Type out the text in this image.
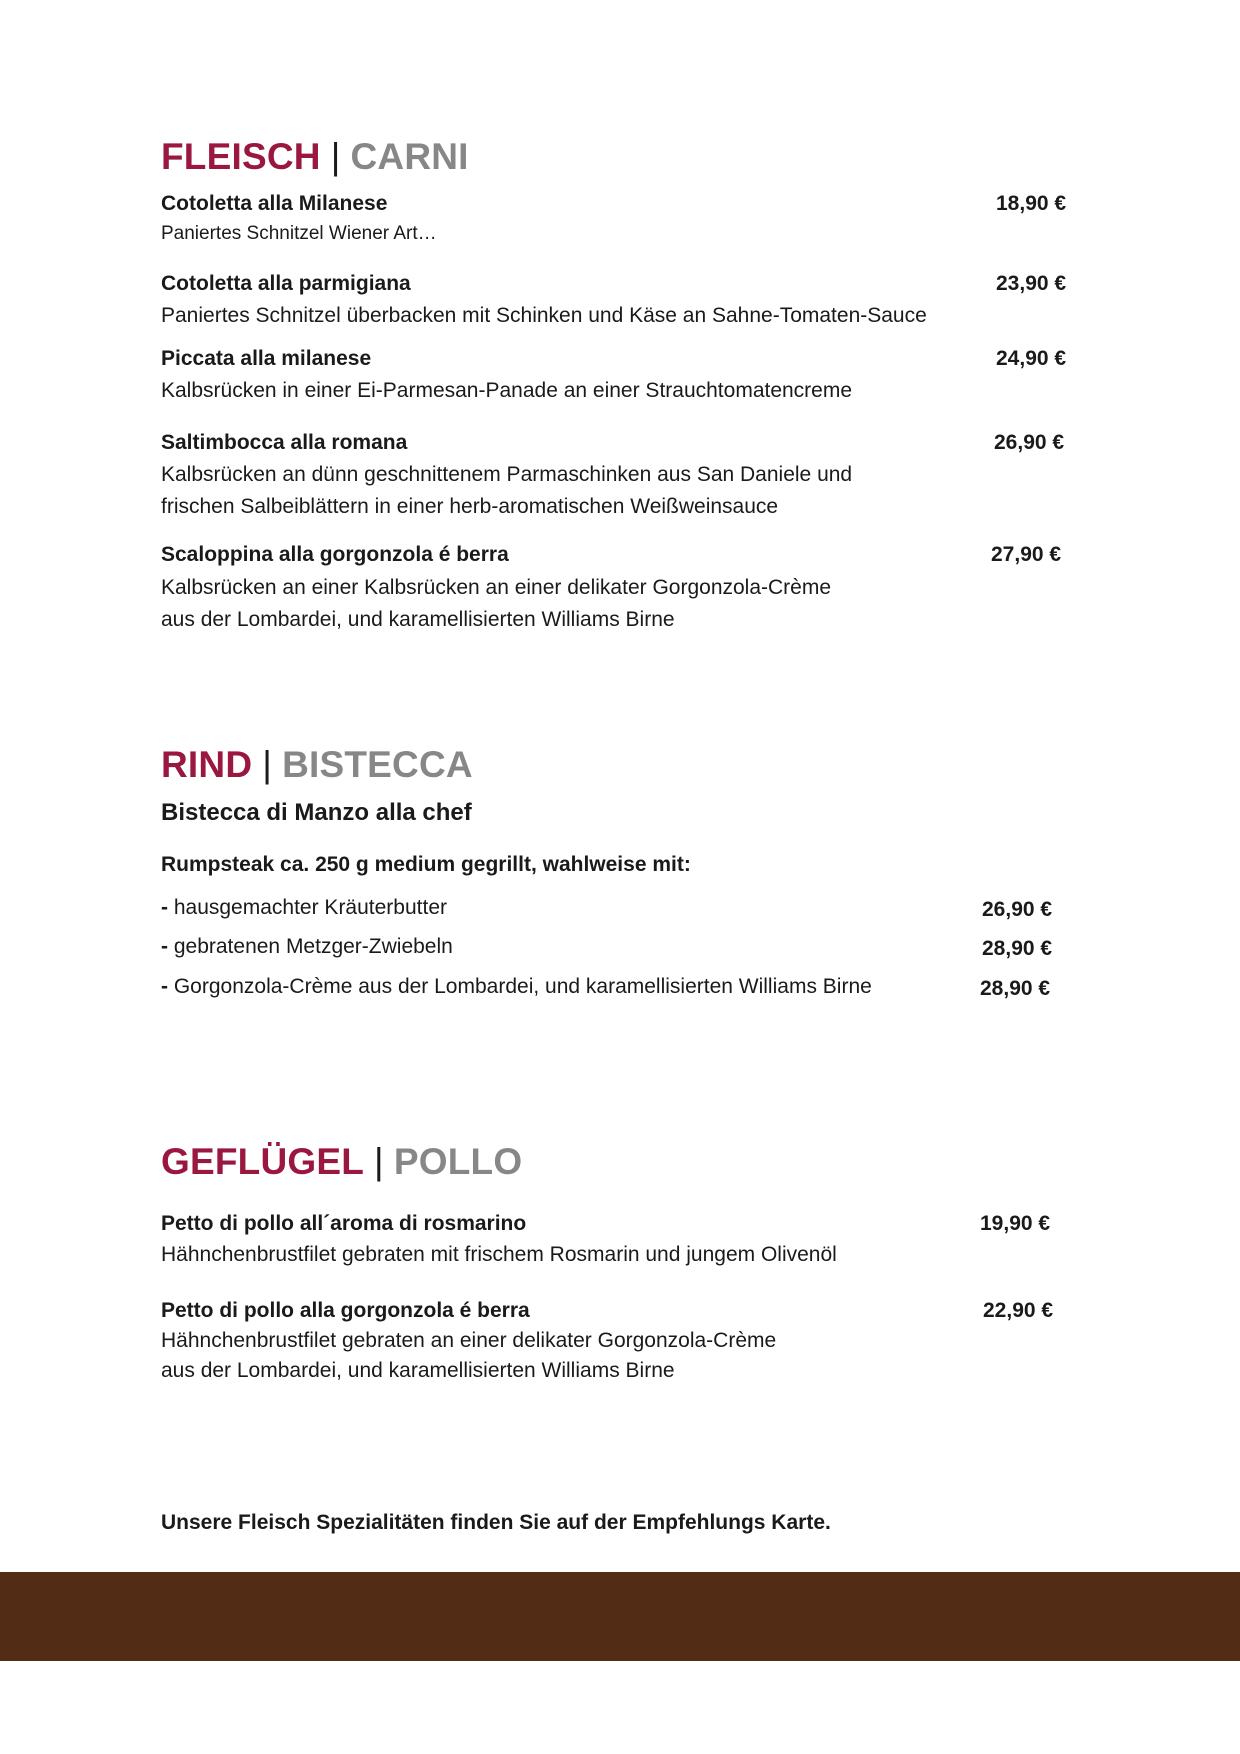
FLEISCH | CARNI
Cotoletta alla Milanese	18,90 €
Paniertes Schnitzel Wiener Art…
Cotoletta alla parmigiana	23,90 €
Paniertes Schnitzel überbacken mit Schinken und Käse an Sahne-Tomaten-Sauce
Piccata alla milanese	24,90 €
Kalbsrücken in einer Ei-Parmesan-Panade an einer Strauchtomatencreme
Saltimbocca alla romana	26,90 €
Kalbsrücken an dünn geschnittenem Parmaschinken aus San Daniele und
frischen Salbeiblättern in einer herb-aromatischen Weißweinsauce
Scaloppina alla gorgonzola é berra	27,90 €
Kalbsrücken an einer Kalbsrücken an einer delikater Gorgonzola-Crème
aus der Lombardei, und karamellisierten Williams Birne
RIND | BISTECCA
Bistecca di Manzo alla chef
Rumpsteak ca. 250 g medium gegrillt, wahlweise mit:
- hausgemachter Kräuterbutter	26,90 €
- gebratenen Metzger-Zwiebeln	28,90 €
- Gorgonzola-Crème aus der Lombardei, und karamellisierten Williams Birne	28,90 €
GEFLÜGEL | POLLO
Petto di pollo all´aroma di rosmarino	19,90 €
Hähnchenbrustfilet gebraten mit frischem Rosmarin und jungem Olivenöl
Petto di pollo alla gorgonzola é berra	22,90 €
Hähnchenbrustfilet gebraten an einer delikater Gorgonzola-Crème
aus der Lombardei, und karamellisierten Williams Birne
Unsere Fleisch Spezialitäten finden Sie auf der Empfehlungs Karte.
